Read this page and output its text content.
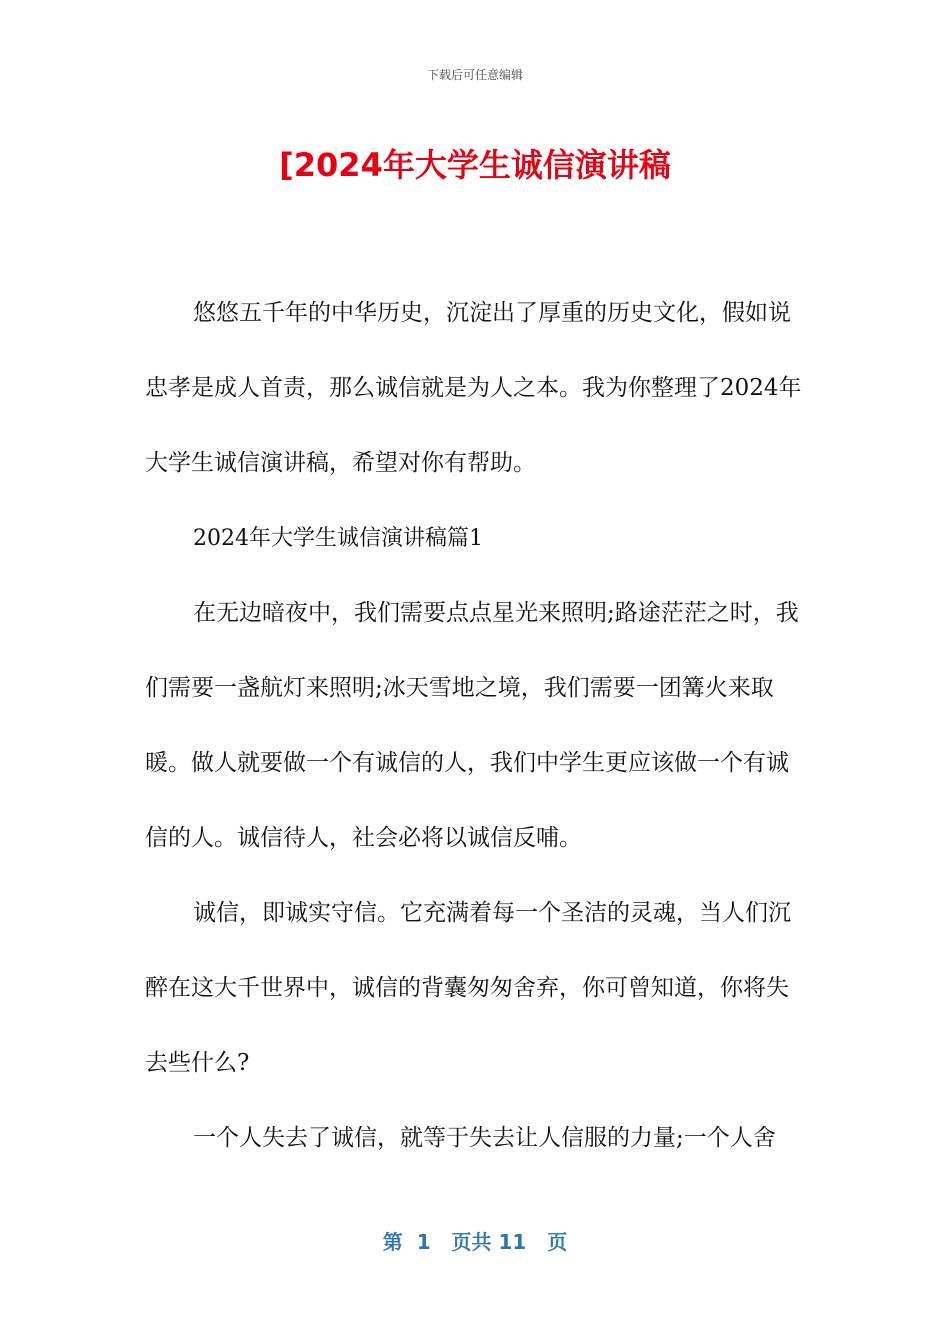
下载后可任意编辑
[2024年大学生诚信演讲稿

悠悠五千年的中华历史，沉淀出了厚重的历史文化，假如说忠孝是成人首责，那么诚信就是为人之本。我为你整理了2024年大学生诚信演讲稿，希望对你有帮助。

2024年大学生诚信演讲稿篇1

在无边暗夜中，我们需要点点星光来照明;路途茫茫之时，我们需要一盏航灯来照明;冰天雪地之境，我们需要一团篝火来取暖。做人就要做一个有诚信的人，我们中学生更应该做一个有诚信的人。诚信待人，社会必将以诚信反哺。

诚信，即诚实守信。它充满着每一个圣洁的灵魂，当人们沉醉在这大千世界中，诚信的背囊匆匆舍弃，你可曾知道，你将失去些什么?

一个人失去了诚信，就等于失去让人信服的力量;一个人舍

第  1   页共 11   页
